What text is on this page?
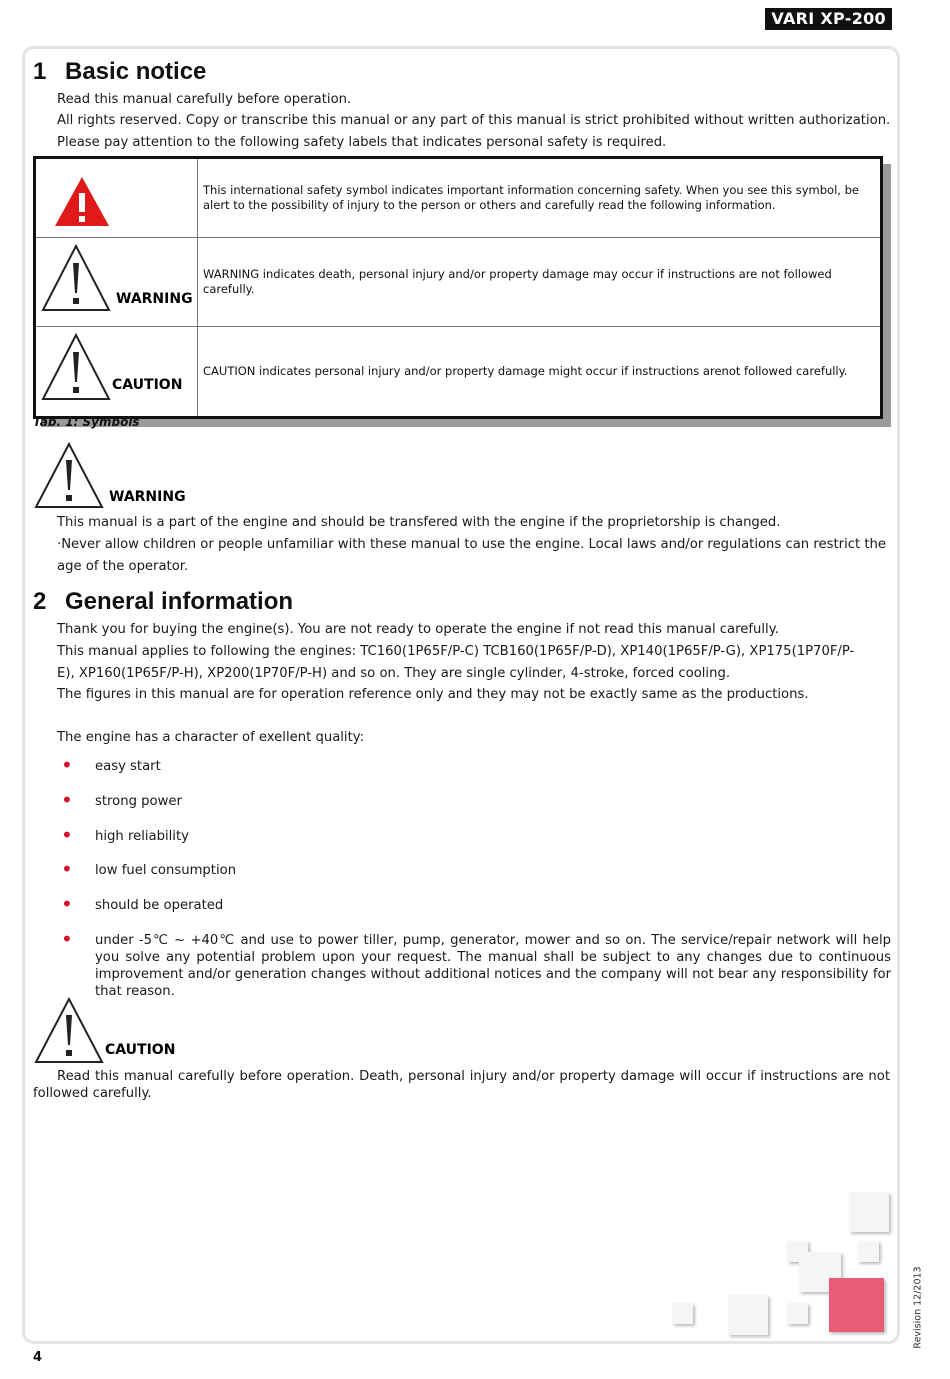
VARI XP-200
1 Basic notice
Read this manual carefully before operation.
All rights reserved. Copy or transcribe this manual or any part of this manual is strict prohibited without written authorization.
Please pay attention to the following safety labels that indicates personal safety is required.
	This international safety symbol indicates important information concerning safety. When you see this symbol, be alert to the possibility of injury to the person or others and carefully read the following information.

WARNING	WARNING indicates death, personal injury and/or property damage may occur if instructions are not followed carefully.

CAUTION	CAUTION indicates personal injury and/or property damage might occur if instructions arenot followed carefully.
Tab. 1: Symbols
WARNING
This manual is a part of the engine and should be transfered with the engine if the proprietorship is changed.
·Never allow children or people unfamiliar with these manual to use the engine. Local laws and/or regulations can restrict the age of the operator.
2 General information
Thank you for buying the engine(s). You are not ready to operate the engine if not read this manual carefully.
This manual applies to following the engines: TC160(1P65F/P-C) TCB160(1P65F/P-D), XP140(1P65F/P-G), XP175(1P70F/P-E), XP160(1P65F/P-H), XP200(1P70F/P-H) and so on. They are single cylinder, 4-stroke, forced cooling.
The figures in this manual are for operation reference only and they may not be exactly same as the productions.
The engine has a character of exellent quality:
• easy start
• strong power
• high reliability
• low fuel consumption
• should be operated
• under -5℃ ~ +40℃ and use to power tiller, pump, generator, mower and so on. The service/repair network will help you solve any potential problem upon your request. The manual shall be subject to any changes due to continuous improvement and/or generation changes without additional notices and the company will not bear any responsibility for that reason.
CAUTION
Read this manual carefully before operation. Death, personal injury and/or property damage will occur if instructions are not followed carefully.
Revision 12/2013
4
